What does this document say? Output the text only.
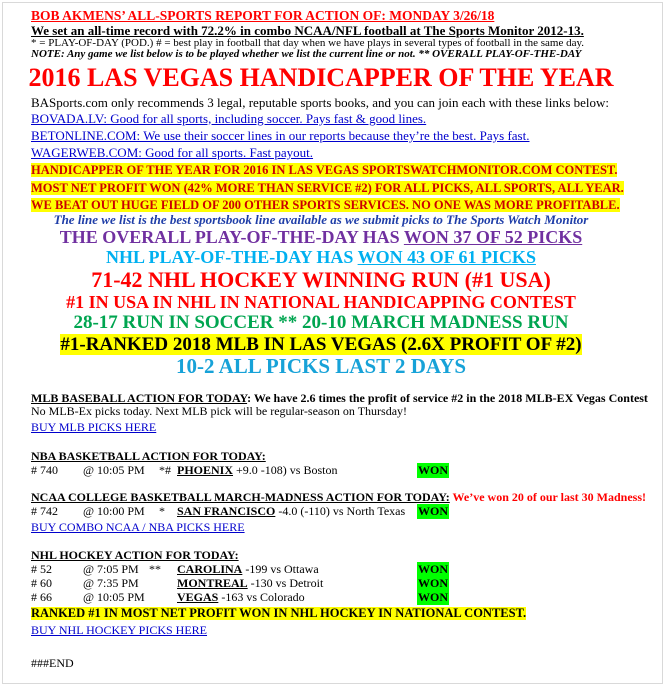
BOB AKMENS’ ALL-SPORTS REPORT FOR ACTION OF: MONDAY 3/26/18
We set an all-time record with 72.2% in combo NCAA/NFL football at The Sports Monitor 2012-13.
* = PLAY-OF-DAY (POD.) # = best play in football that day when we have plays in several types of football in the same day.
NOTE: Any game we list below is to be played whether we list the current line or not. ** OVERALL PLAY-OF-THE-DAY
2016 LAS VEGAS HANDICAPPER OF THE YEAR
BASports.com only recommends 3 legal, reputable sports books, and you can join each with these links below:
BOVADA.LV: Good for all sports, including soccer. Pays fast & good lines.
BETONLINE.COM: We use their soccer lines in our reports because they’re the best. Pays fast.
WAGERWEB.COM: Good for all sports. Fast payout.
HANDICAPPER OF THE YEAR FOR 2016 IN LAS VEGAS SPORTSWATCHMONITOR.COM CONTEST.
MOST NET PROFIT WON (42% MORE THAN SERVICE #2) FOR ALL PICKS, ALL SPORTS, ALL YEAR.
WE BEAT OUT HUGE FIELD OF 200 OTHER SPORTS SERVICES. NO ONE WAS MORE PROFITABLE.
The line we list is the best sportsbook line available as we submit picks to The Sports Watch Monitor
THE OVERALL PLAY-OF-THE-DAY HAS WON 37 OF 52 PICKS
NHL PLAY-OF-THE-DAY HAS WON 43 OF 61 PICKS
71-42 NHL HOCKEY WINNING RUN (#1 USA)
#1 IN USA IN NHL IN NATIONAL HANDICAPPING CONTEST
28-17 RUN IN SOCCER ** 20-10 MARCH MADNESS RUN
#1-RANKED 2018 MLB IN LAS VEGAS (2.6X PROFIT OF #2)
10-2 ALL PICKS LAST 2 DAYS
MLB BASEBALL ACTION FOR TODAY: We have 2.6 times the profit of service #2 in the 2018 MLB-EX Vegas Contest
No MLB-Ex picks today. Next MLB pick will be regular-season on Thursday!
BUY MLB PICKS HERE
NBA BASKETBALL ACTION FOR TODAY:
# 740 @ 10:05 PM *# PHOENIX +9.0 -108) vs Boston	WON
NCAA COLLEGE BASKETBALL MARCH-MADNESS ACTION FOR TODAY: We’ve won 20 of our last 30 Madness!
# 742 @ 10:00 PM * SAN FRANCISCO -4.0 (-110) vs North Texas WON
BUY COMBO NCAA / NBA PICKS HERE
NHL HOCKEY ACTION FOR TODAY:
# 52	@ 7:05 PM ** CAROLINA -199 vs Ottawa	WON
# 60	@ 7:35 PM	MONTREAL -130 vs Detroit	WON
# 66	@ 10:05 PM	VEGAS -163 vs Colorado	WON
RANKED #1 IN MOST NET PROFIT WON IN NHL HOCKEY IN NATIONAL CONTEST.
BUY NHL HOCKEY PICKS HERE
###END
